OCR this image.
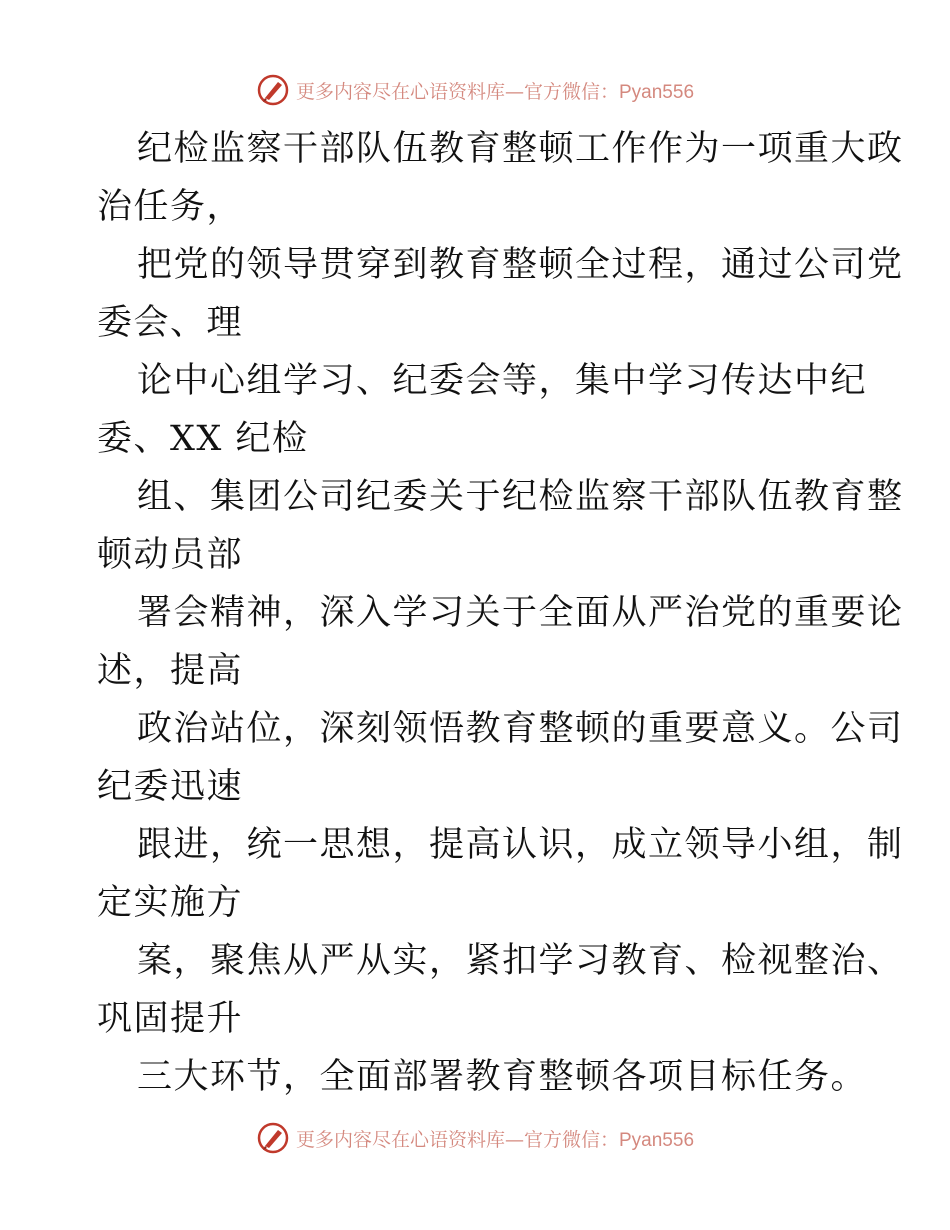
更多内容尽在心语资料库—官方微信：Pyan556
纪检监察干部队伍教育整顿工作作为一项重大政
治任务，
把党的领导贯穿到教育整顿全过程，通过公司党
委会、理
论中心组学习、纪委会等，集中学习传达中纪
委、XX 纪检
组、集团公司纪委关于纪检监察干部队伍教育整
顿动员部
署会精神，深入学习关于全面从严治党的重要论
述，提高
政治站位，深刻领悟教育整顿的重要意义。公司
纪委迅速
跟进，统一思想，提高认识，成立领导小组，制
定实施方
案，聚焦从严从实，紧扣学习教育、检视整治、
巩固提升
三大环节，全面部署教育整顿各项目标任务。
更多内容尽在心语资料库—官方微信：Pyan556
